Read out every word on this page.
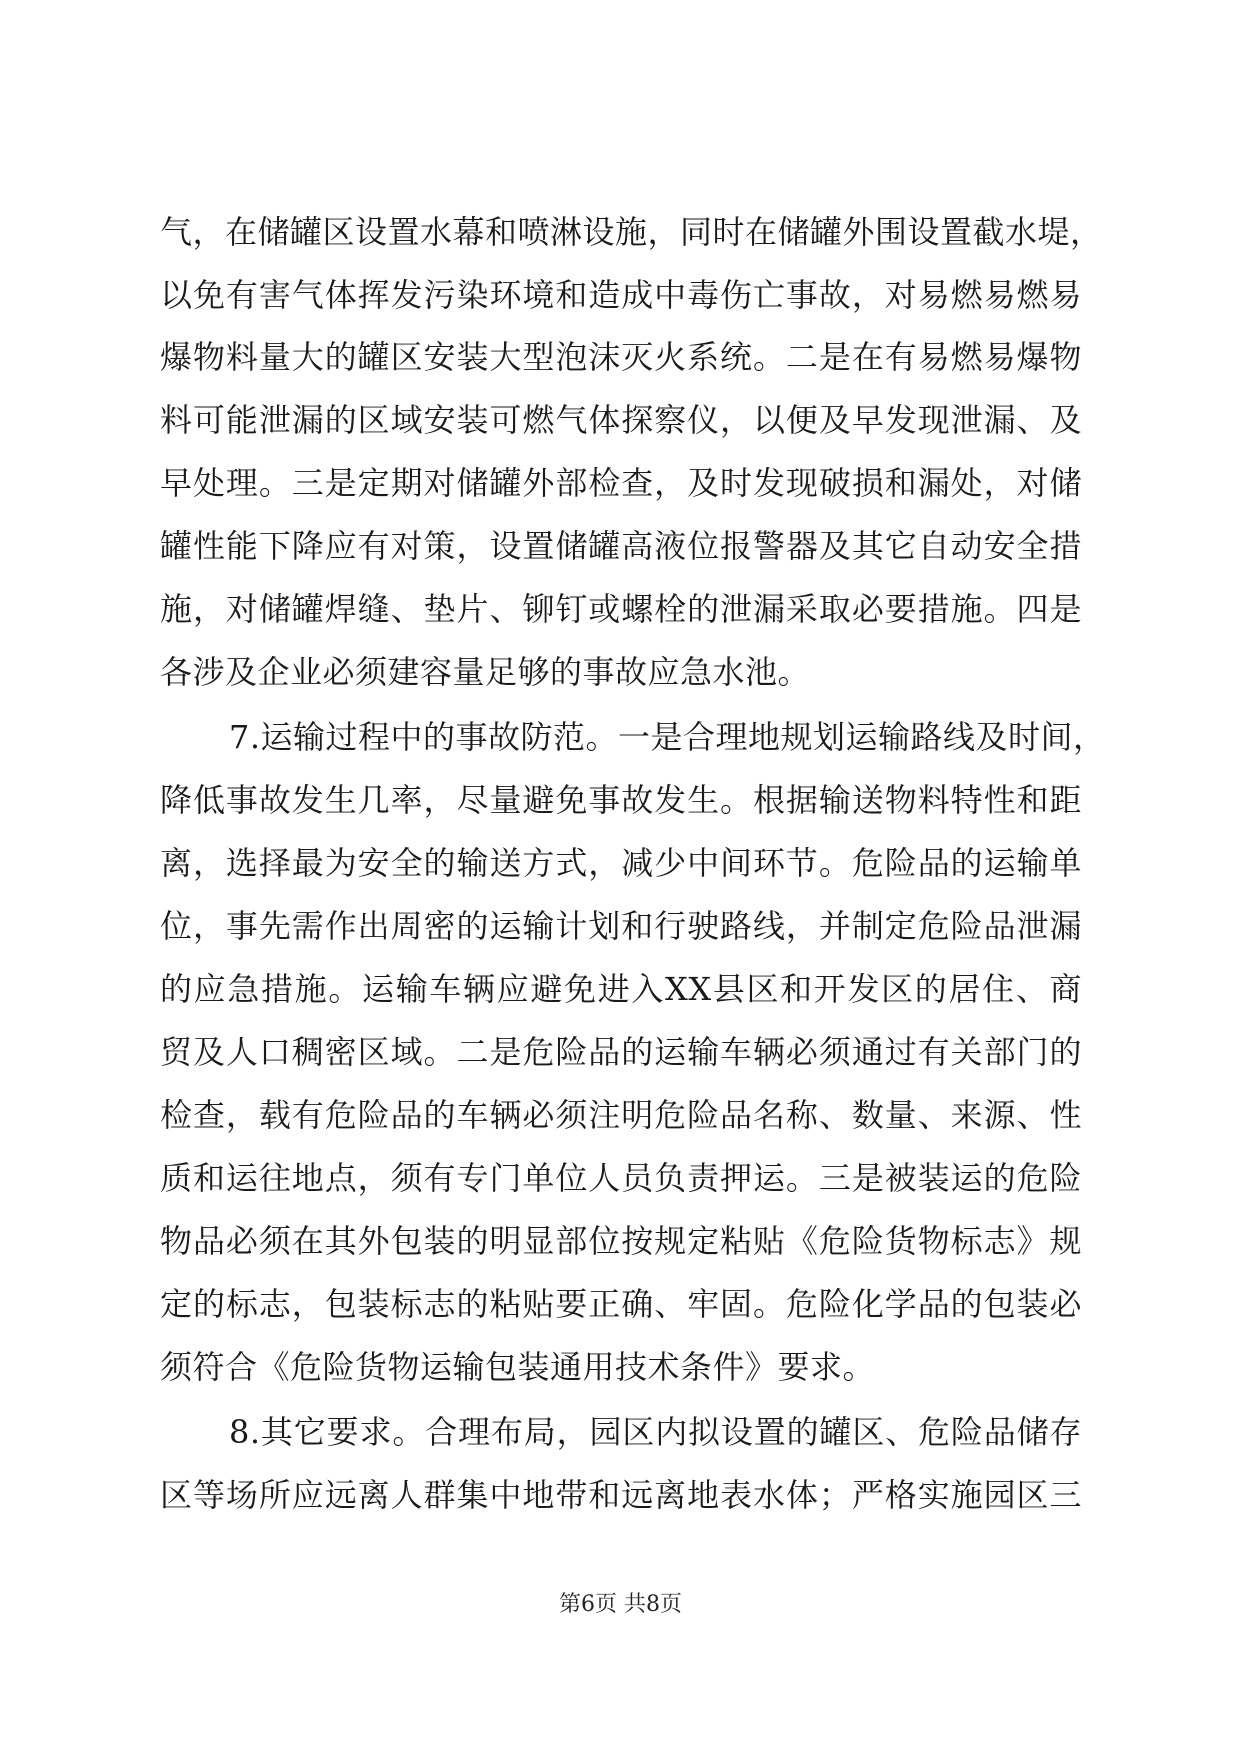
气，在储罐区设置水幕和喷淋设施，同时在储罐外围设置截水堤，
以免有害气体挥发污染环境和造成中毒伤亡事故，对易燃易燃易
爆物料量大的罐区安装大型泡沫灭火系统。二是在有易燃易爆物
料可能泄漏的区域安装可燃气体探察仪，以便及早发现泄漏、及
早处理。三是定期对储罐外部检查，及时发现破损和漏处，对储
罐性能下降应有对策，设置储罐高液位报警器及其它自动安全措
施，对储罐焊缝、垫片、铆钉或螺栓的泄漏采取必要措施。四是
各涉及企业必须建容量足够的事故应急水池。
7.运输过程中的事故防范。一是合理地规划运输路线及时间，
降低事故发生几率，尽量避免事故发生。根据输送物料特性和距
离，选择最为安全的输送方式，减少中间环节。危险品的运输单
位，事先需作出周密的运输计划和行驶路线，并制定危险品泄漏
的应急措施。运输车辆应避免进入XX县区和开发区的居住、商
贸及人口稠密区域。二是危险品的运输车辆必须通过有关部门的
检查，载有危险品的车辆必须注明危险品名称、数量、来源、性
质和运往地点，须有专门单位人员负责押运。三是被装运的危险
物品必须在其外包装的明显部位按规定粘贴《危险货物标志》规
定的标志，包装标志的粘贴要正确、牢固。危险化学品的包装必
须符合《危险货物运输包装通用技术条件》要求。
8.其它要求。合理布局，园区内拟设置的罐区、危险品储存
区等场所应远离人群集中地带和远离地表水体；严格实施园区三
第6页 共8页
